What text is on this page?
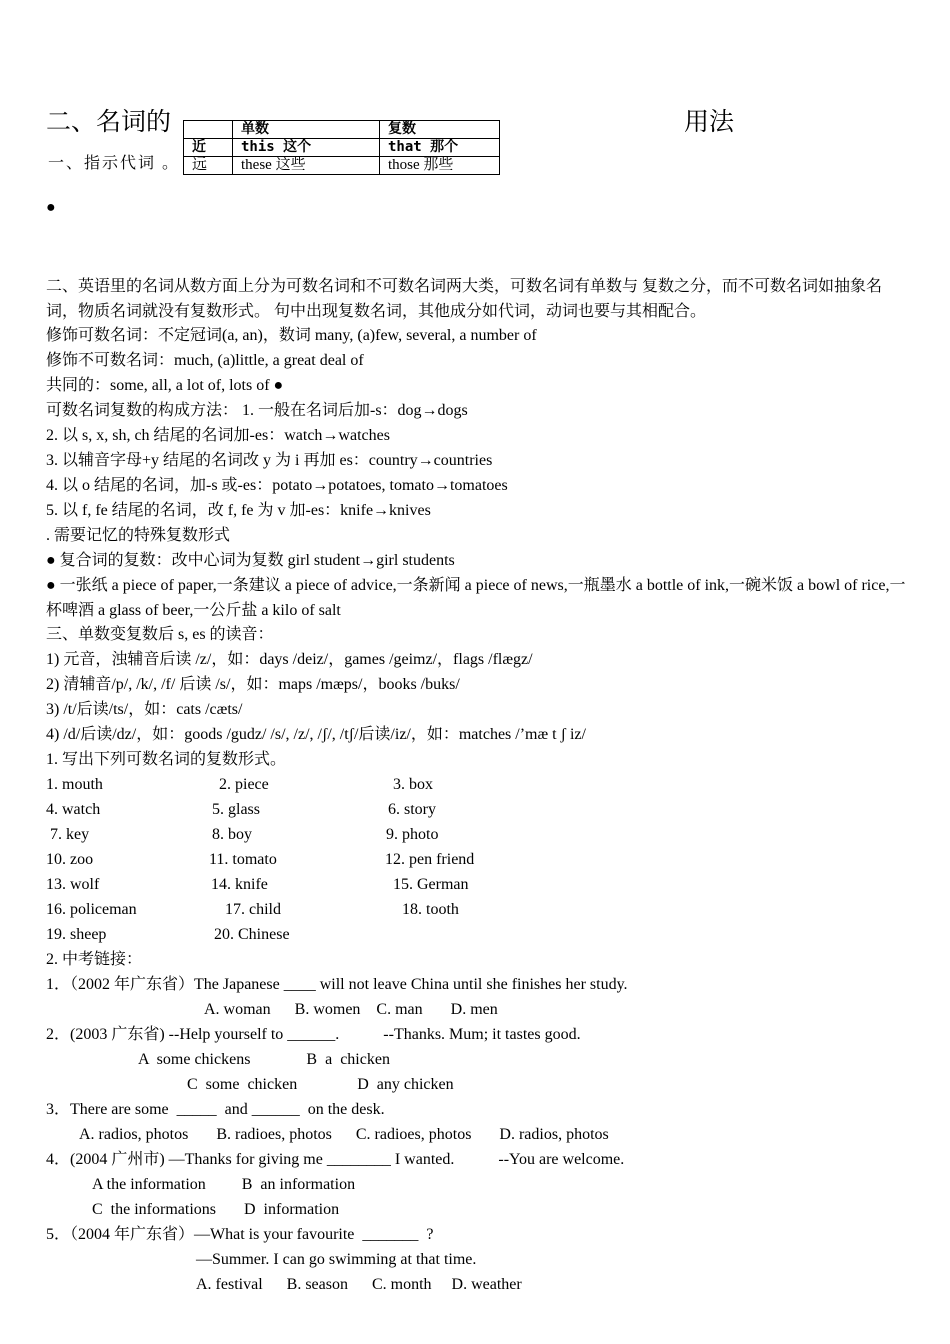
二、名词的	用法
一、指示代词 。
	单数	复数
近	this 这个	that 那个
远	these 这些	those 那些
●
二、英语里的名词从数方面上分为可数名词和不可数名词两大类，可数名词有单数与 复数之分，而不可数名词如抽象名词，物质名词就没有复数形式。 句中出现复数名词，其他成分如代词，动词也要与其相配合。
修饰可数名词：不定冠词(a, an)，数词 many, (a)few, several, a number of
修饰不可数名词：much, (a)little, a great deal of
共同的：some, all, a lot of, lots of ●
可数名词复数的构成方法： 1. 一般在名词后加-s：dog→dogs
2. 以 s, x, sh, ch 结尾的名词加-es：watch→watches
3. 以辅音字母+y 结尾的名词改 y 为 i 再加 es：country→countries
4. 以 o 结尾的名词，加-s 或-es：potato→potatoes, tomato→tomatoes
5. 以 f, fe 结尾的名词，改 f, fe 为 v 加-es：knife→knives
. 需要记忆的特殊复数形式
● 复合词的复数：改中心词为复数 girl student→girl students
● 一张纸 a piece of paper,一条建议 a piece of advice,一条新闻 a piece of news,一瓶墨水 a bottle of ink,一碗米饭 a bowl of rice,一杯啤酒 a glass of beer,一公斤盐 a kilo of salt
三、单数变复数后 s, es 的读音：
1) 元音，浊辅音后读 /z/，如：days /deiz/，games /geimz/，flags /flægz/
2) 清辅音/p/, /k/, /f/ 后读 /s/，如：maps /mæps/，books /buks/
3) /t/后读/ts/，如：cats /cæts/
4) /d/后读/dz/，如：goods /gudz/ /s/, /z/, /ʃ/, /tʃ/后读/iz/，如：matches /’mæ t ʃ iz/
1. 写出下列可数名词的复数形式。
1. mouth	2. piece	3. box
4. watch	5. glass	6. story
7. key	8. boy	9. photo
10. zoo	11. tomato	12. pen friend
13. wolf	14. knife	15. German
16. policeman	17. child	18. tooth
19. sheep	20. Chinese
2. 中考链接：
1．（2002 年广东省）The Japanese ____ will not leave China until she finishes her study.
A. woman      B. women    C. man       D. men
2．(2003 广东省) --Help yourself to ______.           --Thanks. Mum; it tastes good.
A  some chickens              B  a  chicken
C  some  chicken               D  any chicken
3．There are some  _____  and ______  on the desk.
A. radios, photos       B. radioes, photos      C. radioes, photos       D. radios, photos
4．(2004 广州市) —Thanks for giving me ________ I wanted.           --You are welcome.
A the information         B  an information
C  the informations       D  information
5．（2004 年广东省）—What is your favourite  _______  ?
—Summer. I can go swimming at that time.
A. festival      B. season      C. month     D. weather
